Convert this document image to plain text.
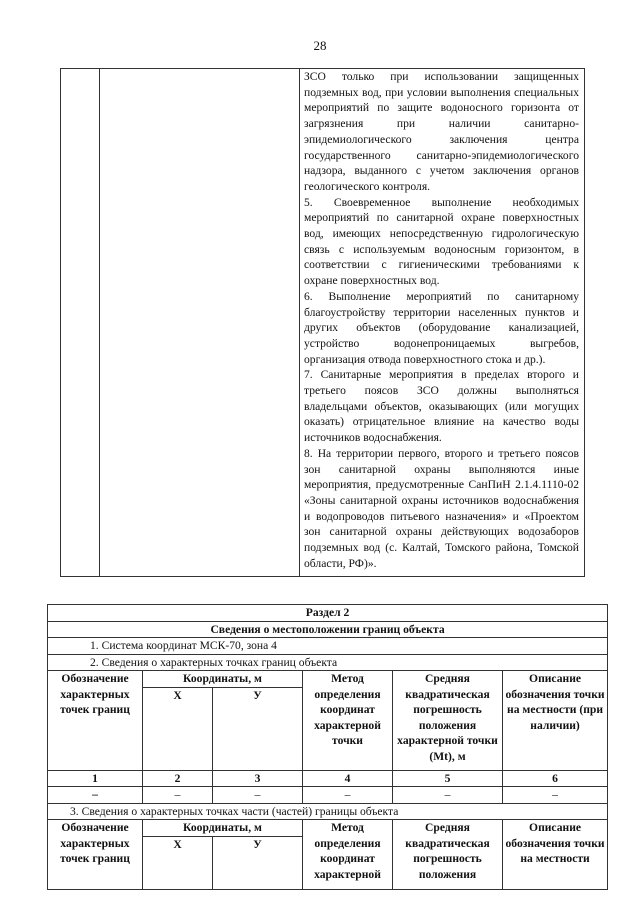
28

ЗСО только при использовании защищенных подземных вод, при условии выполнения специальных мероприятий по защите водоносного горизонта от загрязнения при наличии санитарно- эпидемиологического заключения центра государственного санитарно-эпидемиологического надзора, выданного с учетом заключения органов геологического контроля.

5. Своевременное выполнение необходимых мероприятий по санитарной охране поверхностных вод, имеющих непосредственную гидрологическую связь с используемым водоносным горизонтом, в соответствии с гигиеническими требованиями к охране поверхностных вод.

6. Выполнение мероприятий по санитарному благоустройству территории населенных пунктов и других объектов (оборудование канализацией, устройство водонепроницаемых выгребов, организация отвода поверхностного стока и др.).

7. Санитарные мероприятия в пределах второго и третьего поясов ЗСО должны выполняться владельцами объектов, оказывающих (или могущих оказать) отрицательное влияние на качество воды источников водоснабжения.

8. На территории первого, второго и третьего поясов зон санитарной охраны выполняются иные мероприятия, предусмотренные СанПиН 2.1.4.1110-02 «Зоны санитарной охраны источников водоснабжения и водопроводов питьевого назначения» и «Проектом зон санитарной охраны действующих водозаборов подземных вод (с. Калтай, Томского района, Томской области, РФ)».

Раздел 2					
Сведения о местоположении границ объекта					
1. Система координат МСК-70, зона 4					
2. Сведения о характерных точках границ объекта					
Обозначение характерных точек границ	Координаты, м		Метод определения координат характерной точки	Средняя квадратическая погрешность положения характерной точки (Mt), м	Описание обозначения точки на местности (при наличии)
	Х	У			
1	2	3	4	5	6
–	–	–	–	–	–
3. Сведения о характерных точках части (частей) границы объекта					
Обозначение характерных точек границ	Координаты, м		Метод определения координат характерной	Средняя квадратическая погрешность положения	Описание обозначения точки на местности
	Х	У			
